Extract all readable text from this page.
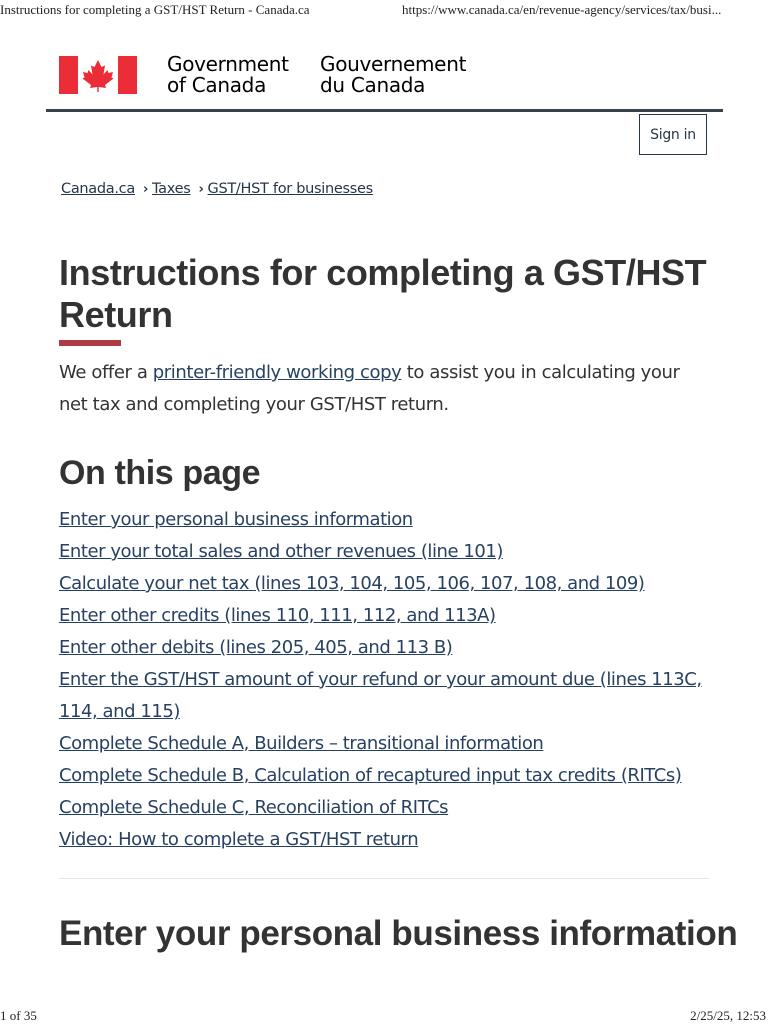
Instructions for completing a GST/HST Return - Canada.ca	https://www.canada.ca/en/revenue-agency/services/tax/busi...
Government
of Canada
Gouvernement
du Canada
Sign in
Canada.ca › Taxes › GST/HST for businesses
Instructions for completing a GST/HST Return

We offer a printer-friendly working copy to assist you in calculating your net tax and completing your GST/HST return.

On this page
Enter your personal business information
Enter your total sales and other revenues (line 101)
Calculate your net tax (lines 103, 104, 105, 106, 107, 108, and 109)
Enter other credits (lines 110, 111, 112, and 113A)
Enter other debits (lines 205, 405, and 113 B)
Enter the GST/HST amount of your refund or your amount due (lines 113C, 114, and 115)
Complete Schedule A, Builders – transitional information
Complete Schedule B, Calculation of recaptured input tax credits (RITCs)
Complete Schedule C, Reconciliation of RITCs
Video: How to complete a GST/HST return
Enter your personal business information
1 of 35	2/25/25, 12:53
